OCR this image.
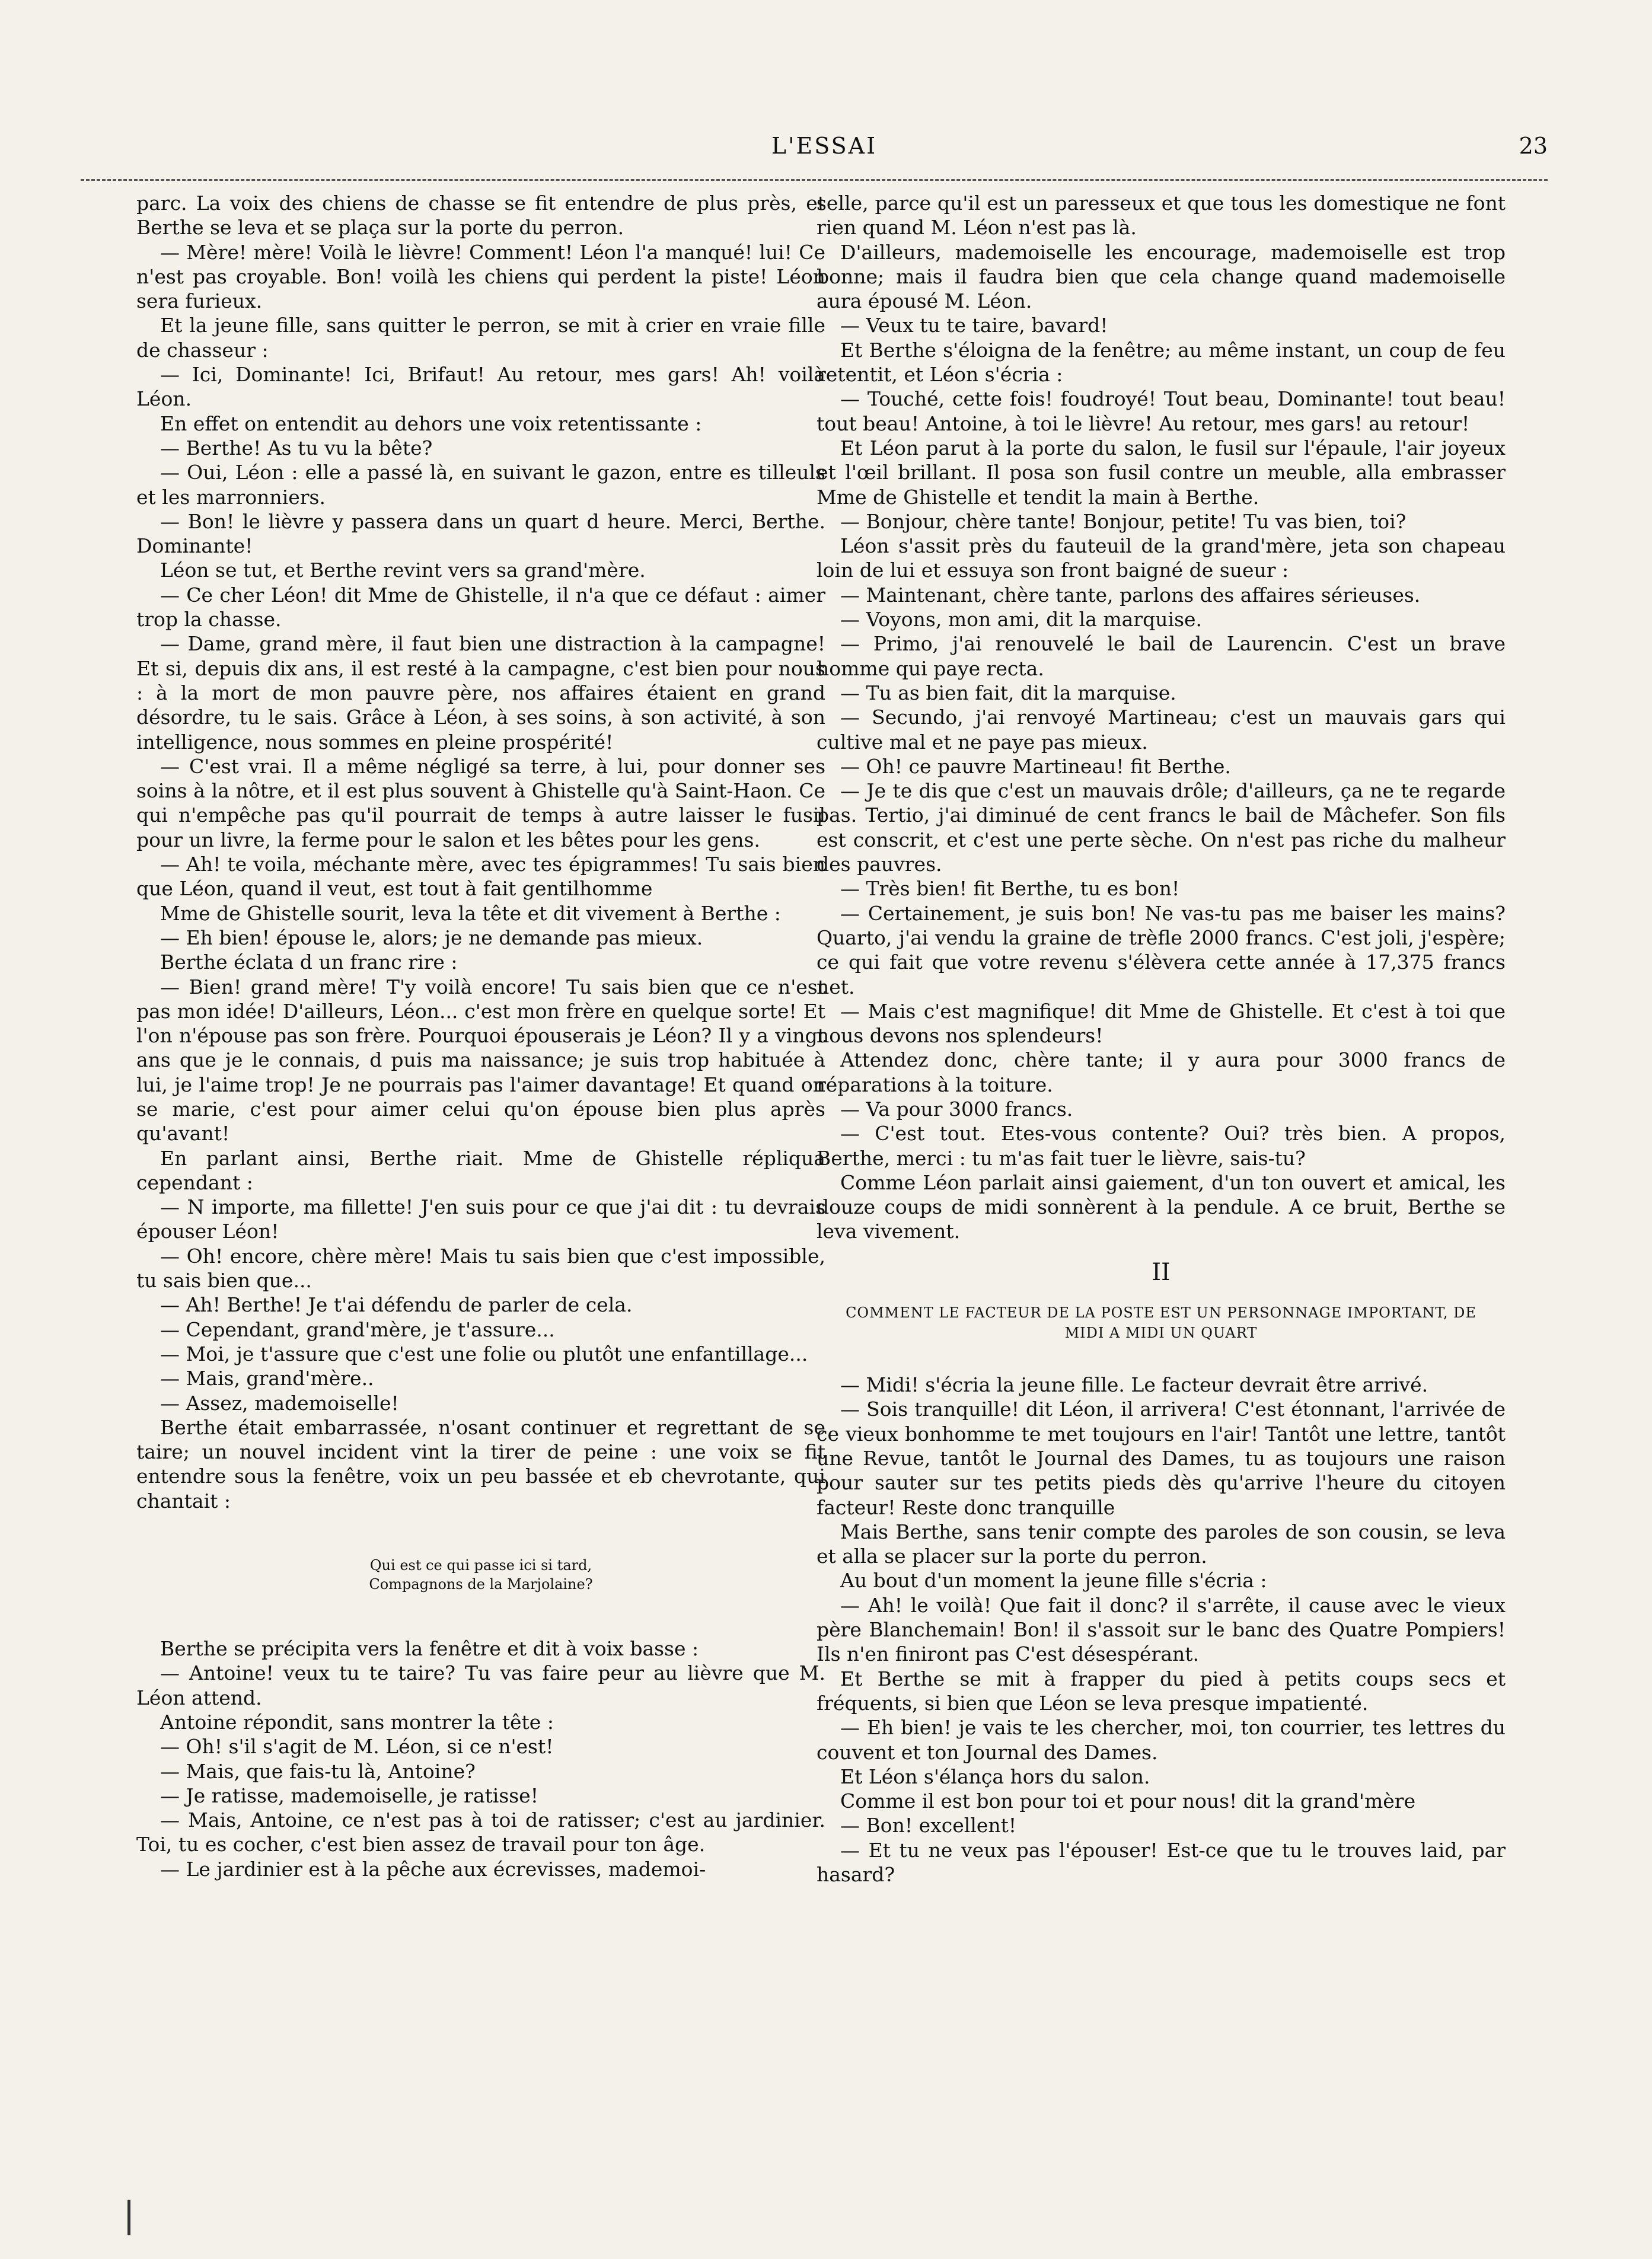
L'ESSAI	23

parc. La voix des chiens de chasse se fit entendre de plus près, et Berthe se leva et se plaça sur la porte du perron.

— Mère! mère! Voilà le lièvre! Comment! Léon l'a manqué! lui! Ce n'est pas croyable. Bon! voilà les chiens qui perdent la piste! Léon sera furieux.

Et la jeune fille, sans quitter le perron, se mit à crier en vraie fille de chasseur :

— Ici, Dominante! Ici, Brifaut! Au retour, mes gars! Ah! voilà Léon.

En effet on entendit au dehors une voix retentissante :

— Berthe! As tu vu la bête?

— Oui, Léon : elle a passé là, en suivant le gazon, entre es tilleuls et les marronniers.

— Bon! le lièvre y passera dans un quart d heure. Merci, Berthe. Dominante!

Léon se tut, et Berthe revint vers sa grand'mère.

— Ce cher Léon! dit Mme de Ghistelle, il n'a que ce défaut : aimer trop la chasse.

— Dame, grand mère, il faut bien une distraction à la campagne! Et si, depuis dix ans, il est resté à la campagne, c'est bien pour nous : à la mort de mon pauvre père, nos affaires étaient en grand désordre, tu le sais. Grâce à Léon, à ses soins, à son activité, à son intelligence, nous sommes en pleine prospérité!

— C'est vrai. Il a même négligé sa terre, à lui, pour donner ses soins à la nôtre, et il est plus souvent à Ghistelle qu'à Saint-Haon. Ce qui n'empêche pas qu'il pourrait de temps à autre laisser le fusil pour un livre, la ferme pour le salon et les bêtes pour les gens.

— Ah! te voila, méchante mère, avec tes épigrammes! Tu sais bien que Léon, quand il veut, est tout à fait gentilhomme

Mme de Ghistelle sourit, leva la tête et dit vivement à Berthe :

— Eh bien! épouse le, alors; je ne demande pas mieux.

Berthe éclata d un franc rire :

— Bien! grand mère! T'y voilà encore! Tu sais bien que ce n'est pas mon idée! D'ailleurs, Léon... c'est mon frère en quelque sorte! Et l'on n'épouse pas son frère. Pourquoi épouserais je Léon? Il y a vingt ans que je le connais, d puis ma naissance; je suis trop habituée à lui, je l'aime trop! Je ne pourrais pas l'aimer davantage! Et quand on se marie, c'est pour aimer celui qu'on épouse bien plus après qu'avant!

En parlant ainsi, Berthe riait. Mme de Ghistelle répliqua cependant :

— N importe, ma fillette! J'en suis pour ce que j'ai dit : tu devrais épouser Léon!

— Oh! encore, chère mère! Mais tu sais bien que c'est impossible, tu sais bien que...

— Ah! Berthe! Je t'ai défendu de parler de cela.

— Cependant, grand'mère, je t'assure...

— Moi, je t'assure que c'est une folie ou plutôt une enfantillage...

— Mais, grand'mère..

— Assez, mademoiselle!

Berthe était embarrassée, n'osant continuer et regrettant de se taire; un nouvel incident vint la tirer de peine : une voix se fit entendre sous la fenêtre, voix un peu bassée et eb chevrotante, qui chantait :

Qui est ce qui passe ici si tard,
Compagnons de la Marjolaine?

Berthe se précipita vers la fenêtre et dit à voix basse :

— Antoine! veux tu te taire? Tu vas faire peur au lièvre que M. Léon attend.

Antoine répondit, sans montrer la tête :

— Oh! s'il s'agit de M. Léon, si ce n'est!

— Mais, que fais-tu là, Antoine?

— Je ratisse, mademoiselle, je ratisse!

— Mais, Antoine, ce n'est pas à toi de ratisser; c'est au jardinier. Toi, tu es cocher, c'est bien assez de travail pour ton âge.

— Le jardinier est à la pêche aux écrevisses, mademoi-

selle, parce qu'il est un paresseux et que tous les domestique ne font rien quand M. Léon n'est pas là.

D'ailleurs, mademoiselle les encourage, mademoiselle est trop bonne; mais il faudra bien que cela change quand mademoiselle aura épousé M. Léon.

— Veux tu te taire, bavard!

Et Berthe s'éloigna de la fenêtre; au même instant, un coup de feu retentit, et Léon s'écria :

— Touché, cette fois! foudroyé! Tout beau, Dominante! tout beau! tout beau! Antoine, à toi le lièvre! Au retour, mes gars! au retour!

Et Léon parut à la porte du salon, le fusil sur l'épaule, l'air joyeux et l'œil brillant. Il posa son fusil contre un meuble, alla embrasser Mme de Ghistelle et tendit la main à Berthe.

— Bonjour, chère tante! Bonjour, petite! Tu vas bien, toi?

Léon s'assit près du fauteuil de la grand'mère, jeta son chapeau loin de lui et essuya son front baigné de sueur :

— Maintenant, chère tante, parlons des affaires sérieuses.

— Voyons, mon ami, dit la marquise.

— Primo, j'ai renouvelé le bail de Laurencin. C'est un brave homme qui paye recta.

— Tu as bien fait, dit la marquise.

— Secundo, j'ai renvoyé Martineau; c'est un mauvais gars qui cultive mal et ne paye pas mieux.

— Oh! ce pauvre Martineau! fit Berthe.

— Je te dis que c'est un mauvais drôle; d'ailleurs, ça ne te regarde pas. Tertio, j'ai diminué de cent francs le bail de Mâchefer. Son fils est conscrit, et c'est une perte sèche. On n'est pas riche du malheur des pauvres.

— Très bien! fit Berthe, tu es bon!

— Certainement, je suis bon! Ne vas-tu pas me baiser les mains? Quarto, j'ai vendu la graine de trèfle 2000 francs. C'est joli, j'espère; ce qui fait que votre revenu s'élèvera cette année à 17,375 francs net.

— Mais c'est magnifique! dit Mme de Ghistelle. Et c'est à toi que nous devons nos splendeurs!

Attendez donc, chère tante; il y aura pour 3000 francs de réparations à la toiture.

— Va pour 3000 francs.

— C'est tout. Etes-vous contente? Oui? très bien. A propos, Berthe, merci : tu m'as fait tuer le lièvre, sais-tu?

Comme Léon parlait ainsi gaiement, d'un ton ouvert et amical, les douze coups de midi sonnèrent à la pendule. A ce bruit, Berthe se leva vivement.

II
COMMENT LE FACTEUR DE LA POSTE EST UN PERSONNAGE IMPORTANT, DE MIDI A MIDI UN QUART

— Midi! s'écria la jeune fille. Le facteur devrait être arrivé.

— Sois tranquille! dit Léon, il arrivera! C'est étonnant, l'arrivée de ce vieux bonhomme te met toujours en l'air! Tantôt une lettre, tantôt une Revue, tantôt le Journal des Dames, tu as toujours une raison pour sauter sur tes petits pieds dès qu'arrive l'heure du citoyen facteur! Reste donc tranquille

Mais Berthe, sans tenir compte des paroles de son cousin, se leva et alla se placer sur la porte du perron.

Au bout d'un moment la jeune fille s'écria :

— Ah! le voilà! Que fait il donc? il s'arrête, il cause avec le vieux père Blanchemain! Bon! il s'assoit sur le banc des Quatre Pompiers! Ils n'en finiront pas C'est désespérant.

Et Berthe se mit à frapper du pied à petits coups secs et fréquents, si bien que Léon se leva presque impatienté.

— Eh bien! je vais te les chercher, moi, ton courrier, tes lettres du couvent et ton Journal des Dames.

Et Léon s'élança hors du salon.

Comme il est bon pour toi et pour nous! dit la grand'mère

— Bon! excellent!

— Et tu ne veux pas l'épouser! Est-ce que tu le trouves laid, par hasard?
